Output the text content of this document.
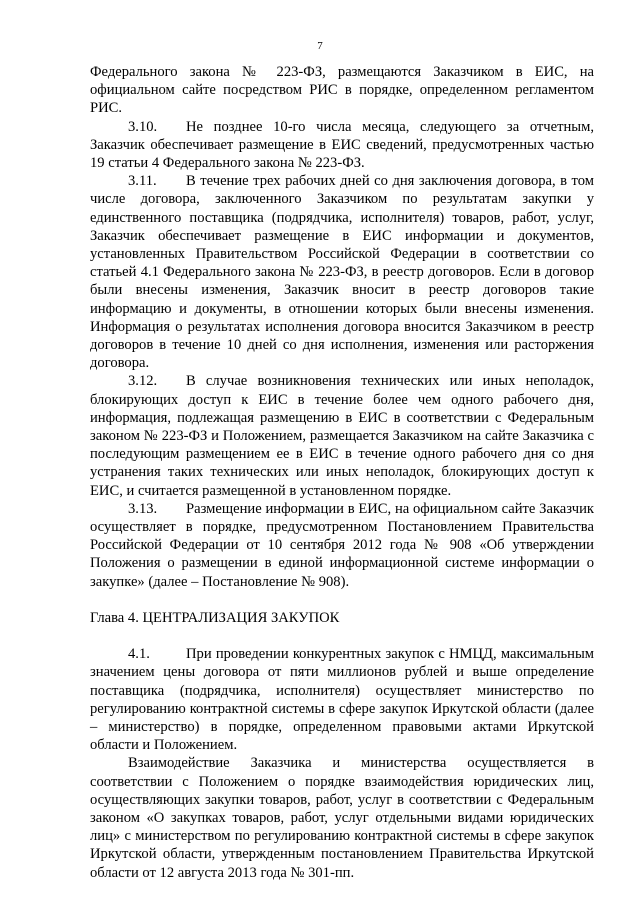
7

Федерального закона № 223-ФЗ, размещаются Заказчиком в ЕИС, на официальном сайте посредством РИС в порядке, определенном регламентом РИС.

3.10. Не позднее 10-го числа месяца, следующего за отчетным, Заказчик обеспечивает размещение в ЕИС сведений, предусмотренных частью 19 статьи 4 Федерального закона № 223-ФЗ.

3.11. В течение трех рабочих дней со дня заключения договора, в том числе договора, заключенного Заказчиком по результатам закупки у единственного поставщика (подрядчика, исполнителя) товаров, работ, услуг, Заказчик обеспечивает размещение в ЕИС информации и документов, установленных Правительством Российской Федерации в соответствии со статьей 4.1 Федерального закона № 223-ФЗ, в реестр договоров. Если в договор были внесены изменения, Заказчик вносит в реестр договоров такие информацию и документы, в отношении которых были внесены изменения. Информация о результатах исполнения договора вносится Заказчиком в реестр договоров в течение 10 дней со дня исполнения, изменения или расторжения договора.

3.12. В случае возникновения технических или иных неполадок, блокирующих доступ к ЕИС в течение более чем одного рабочего дня, информация, подлежащая размещению в ЕИС в соответствии с Федеральным законом № 223-ФЗ и Положением, размещается Заказчиком на сайте Заказчика с последующим размещением ее в ЕИС в течение одного рабочего дня со дня устранения таких технических или иных неполадок, блокирующих доступ к ЕИС, и считается размещенной в установленном порядке.

3.13. Размещение информации в ЕИС, на официальном сайте Заказчик осуществляет в порядке, предусмотренном Постановлением Правительства Российской Федерации от 10 сентября 2012 года № 908 «Об утверждении Положения о размещении в единой информационной системе информации о закупке» (далее – Постановление № 908).

Глава 4. ЦЕНТРАЛИЗАЦИЯ ЗАКУПОК

4.1. При проведении конкурентных закупок с НМЦД, максимальным значением цены договора от пяти миллионов рублей и выше определение поставщика (подрядчика, исполнителя) осуществляет министерство по регулированию контрактной системы в сфере закупок Иркутской области (далее – министерство) в порядке, определенном правовыми актами Иркутской области и Положением.

Взаимодействие Заказчика и министерства осуществляется в соответствии с Положением о порядке взаимодействия юридических лиц, осуществляющих закупки товаров, работ, услуг в соответствии с Федеральным законом «О закупках товаров, работ, услуг отдельными видами юридических лиц» с министерством по регулированию контрактной системы в сфере закупок Иркутской области, утвержденным постановлением Правительства Иркутской области от 12 августа 2013 года № 301-пп.
